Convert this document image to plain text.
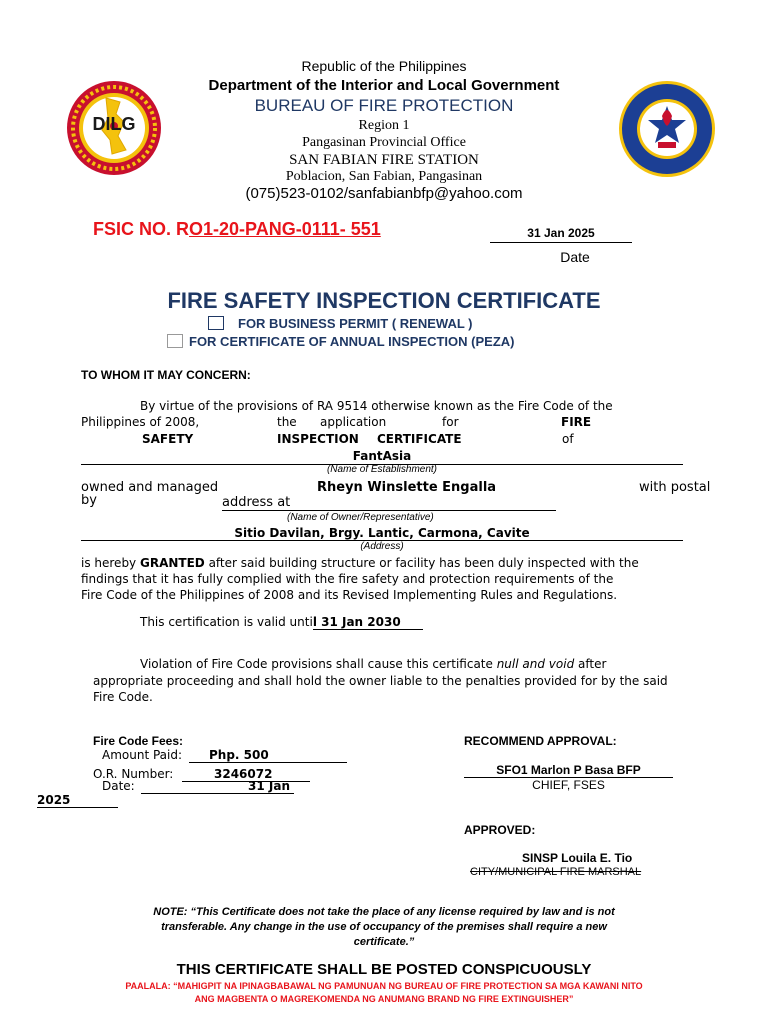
DILG
Republic of the Philippines
Department of the Interior and Local Government
BUREAU OF FIRE PROTECTION
Region 1
Pangasinan Provincial Office
SAN FABIAN FIRE STATION
Poblacion, San Fabian, Pangasinan
(075)523-0102/sanfabianbfp@yahoo.com
FSIC NO. RO1-20-PANG-0111- 551	31 Jan 2025
Date
FIRE SAFETY INSPECTION CERTIFICATE
FOR BUSINESS PERMIT ( RENEWAL )
FOR CERTIFICATE OF ANNUAL INSPECTION (PEZA)
TO WHOM IT MAY CONCERN:
By virtue of the provisions of RA 9514 otherwise known as the Fire Code of the
Philippines of 2008,	the application	for	FIRE
SAFETY	INSPECTION CERTIFICATE	of
FantAsia
(Name of Establishment)
owned and managed
by
Rheyn Winslette Engalla	with postal
address at
(Name of Owner/Representative)
Sitio Davilan, Brgy. Lantic, Carmona, Cavite
(Address)
is hereby GRANTED after said building structure or facility has been duly inspected with the
findings that it has fully complied with the fire safety and protection requirements of the
Fire Code of the Philippines of 2008 and its Revised Implementing Rules and Regulations.
This certification is valid until 31 Jan 2030
Violation of Fire Code provisions shall cause this certificate null and void after
appropriate proceeding and shall hold the owner liable to the penalties provided for by the said
Fire Code.
Fire Code Fees:
Amount Paid:	Php. 500
O.R. Number:	3246072
Date:	31 Jan
2025
RECOMMEND APPROVAL:
SFO1 Marlon P Basa BFP
CHIEF, FSES
APPROVED:
SINSP Louila E. Tio
CITY/MUNICIPAL FIRE MARSHAL
NOTE: “This Certificate does not take the place of any license required by law and is not
transferable. Any change in the use of occupancy of the premises shall require a new
certificate.”
THIS CERTIFICATE SHALL BE POSTED CONSPICUOUSLY
PAALALA: “MAHIGPIT NA IPINAGBABAWAL NG PAMUNUAN NG BUREAU OF FIRE PROTECTION SA MGA KAWANI NITO
ANG MAGBENTA O MAGREKOMENDA NG ANUMANG BRAND NG FIRE EXTINGUISHER”
